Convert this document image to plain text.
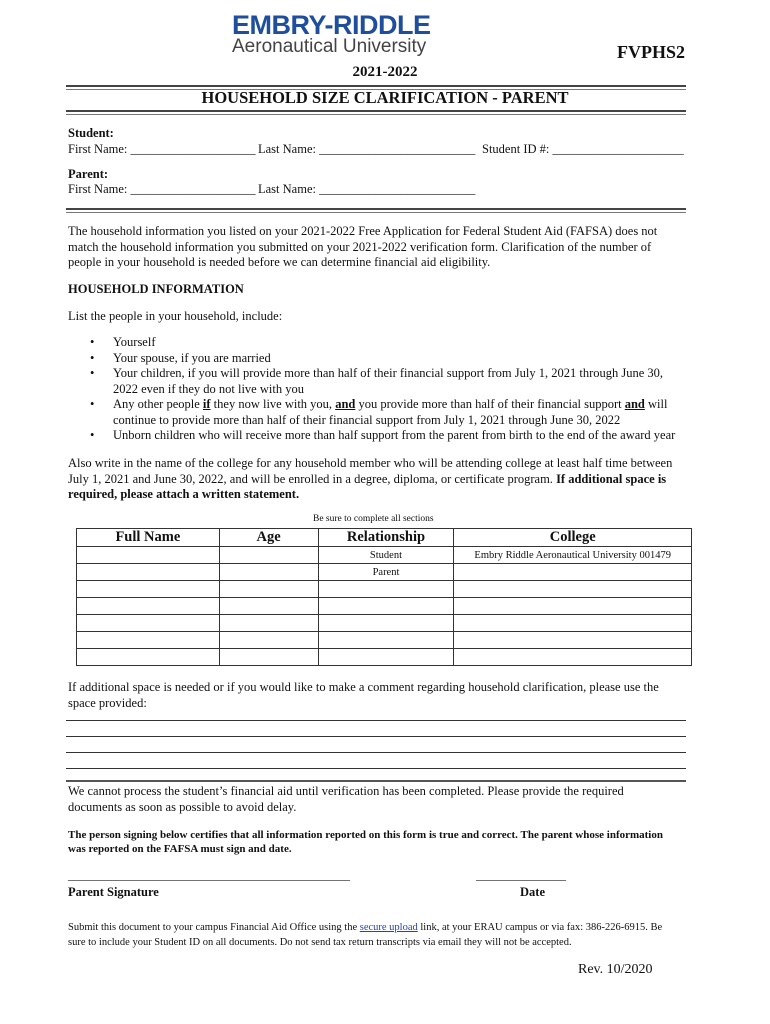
EMBRY-RIDDLE
Aeronautical University	FVPHS2
2021-2022
HOUSEHOLD SIZE CLARIFICATION - PARENT
Student:
First Name: ____________________ Last Name: _________________________ Student ID #: _____________________
Parent:
First Name: ____________________ Last Name: _________________________
The household information you listed on your 2021-2022 Free Application for Federal Student Aid (FAFSA) does not match the household information you submitted on your 2021-2022 verification form. Clarification of the number of people in your household is needed before we can determine financial aid eligibility.
HOUSEHOLD INFORMATION
List the people in your household, include:
• Yourself
• Your spouse, if you are married
• Your children, if you will provide more than half of their financial support from July 1, 2021 through June 30, 2022 even if they do not live with you
• Any other people if they now live with you, and you provide more than half of their financial support and will continue to provide more than half of their financial support from July 1, 2021 through June 30, 2022
• Unborn children who will receive more than half support from the parent from birth to the end of the award year
Also write in the name of the college for any household member who will be attending college at least half time between July 1, 2021 and June 30, 2022, and will be enrolled in a degree, diploma, or certificate program. If additional space is required, please attach a written statement.
Be sure to complete all sections
Full Name	Age	Relationship	College
		Student	Embry Riddle Aeronautical University 001479
		Parent	

If additional space is needed or if you would like to make a comment regarding household clarification, please use the space provided:
We cannot process the student’s financial aid until verification has been completed. Please provide the required documents as soon as possible to avoid delay.
The person signing below certifies that all information reported on this form is true and correct. The parent whose information was reported on the FAFSA must sign and date.
_______________________________________________
Parent Signature
_______________
Date
Submit this document to your campus Financial Aid Office using the secure upload link, at your ERAU campus or via fax: 386-226-6915. Be sure to include your Student ID on all documents. Do not send tax return transcripts via email they will not be accepted.
Rev. 10/2020
